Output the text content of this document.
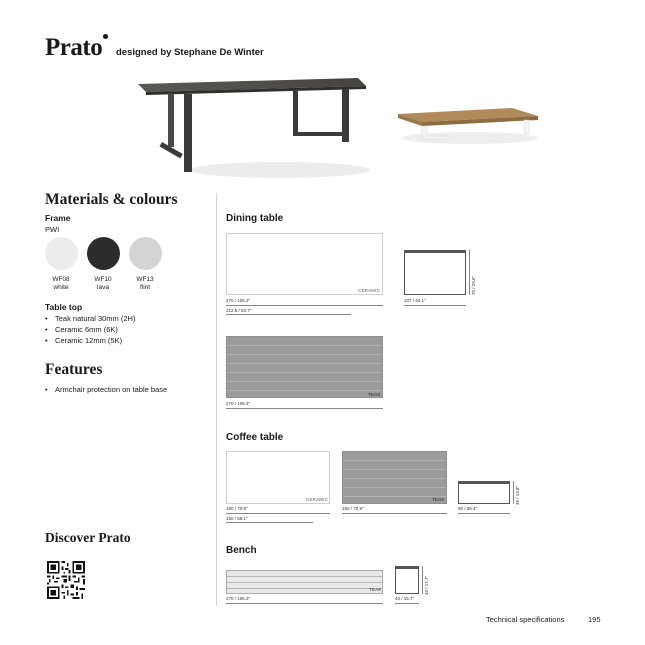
Prato designed by Stephane De Winter
Materials & colours
Frame
PWI
WF08
white
WF10
lava
WF13
flint
Table top
• Teak natural 30mm (2H)
• Ceramic 6mm (6K)
• Ceramic 12mm (5K)
Features
• Armchair protection on table base
Discover Prato
Dining table
CERAMIC
270 / 106.3"
212.5 / 83.7"
75 / 29.6"
107 / 42.1"
TEAK
270 / 106.3"
Coffee table
CERAMIC
180 / 70.9"
150 / 59.1"
TEAK
180 / 70.9"
35 / 13.8"
90 / 35.4"
Bench
TEAK
270 / 106.3"
45 / 17.7"
40 / 15.7"
Technical specifications	195
